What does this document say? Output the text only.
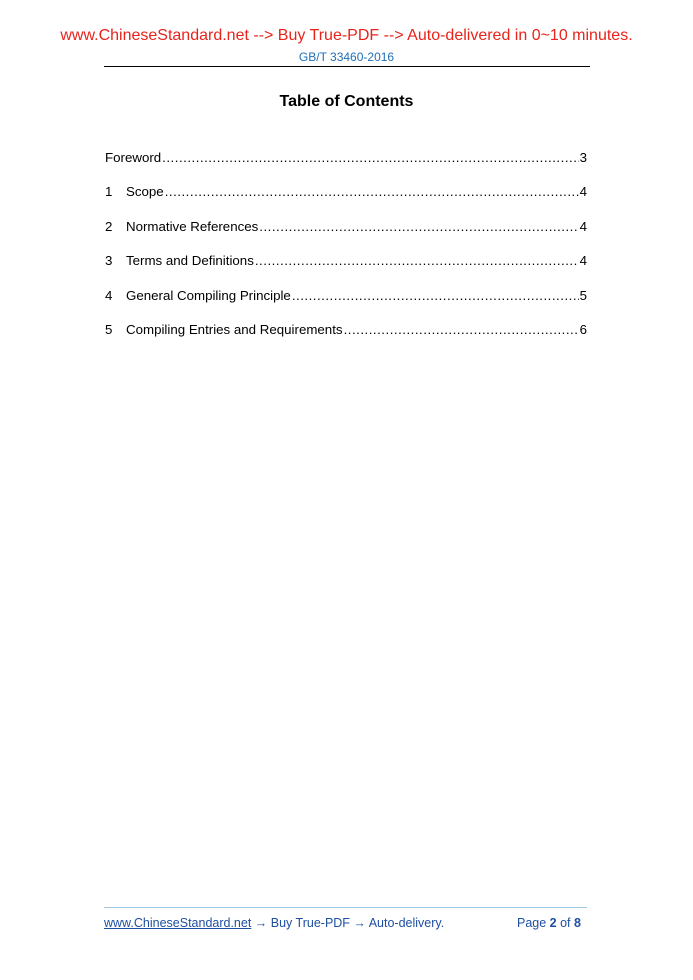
www.ChineseStandard.net --> Buy True-PDF --> Auto-delivered in 0~10 minutes.
GB/T 33460-2016
Table of Contents
Foreword .....	3
1	Scope .....	4
2	Normative References .....	4
3	Terms and Definitions .....	4
4	General Compiling Principle .....	5
5	Compiling Entries and Requirements .....	6
www.ChineseStandard.net → Buy True-PDF → Auto-delivery.	Page 2 of 8
